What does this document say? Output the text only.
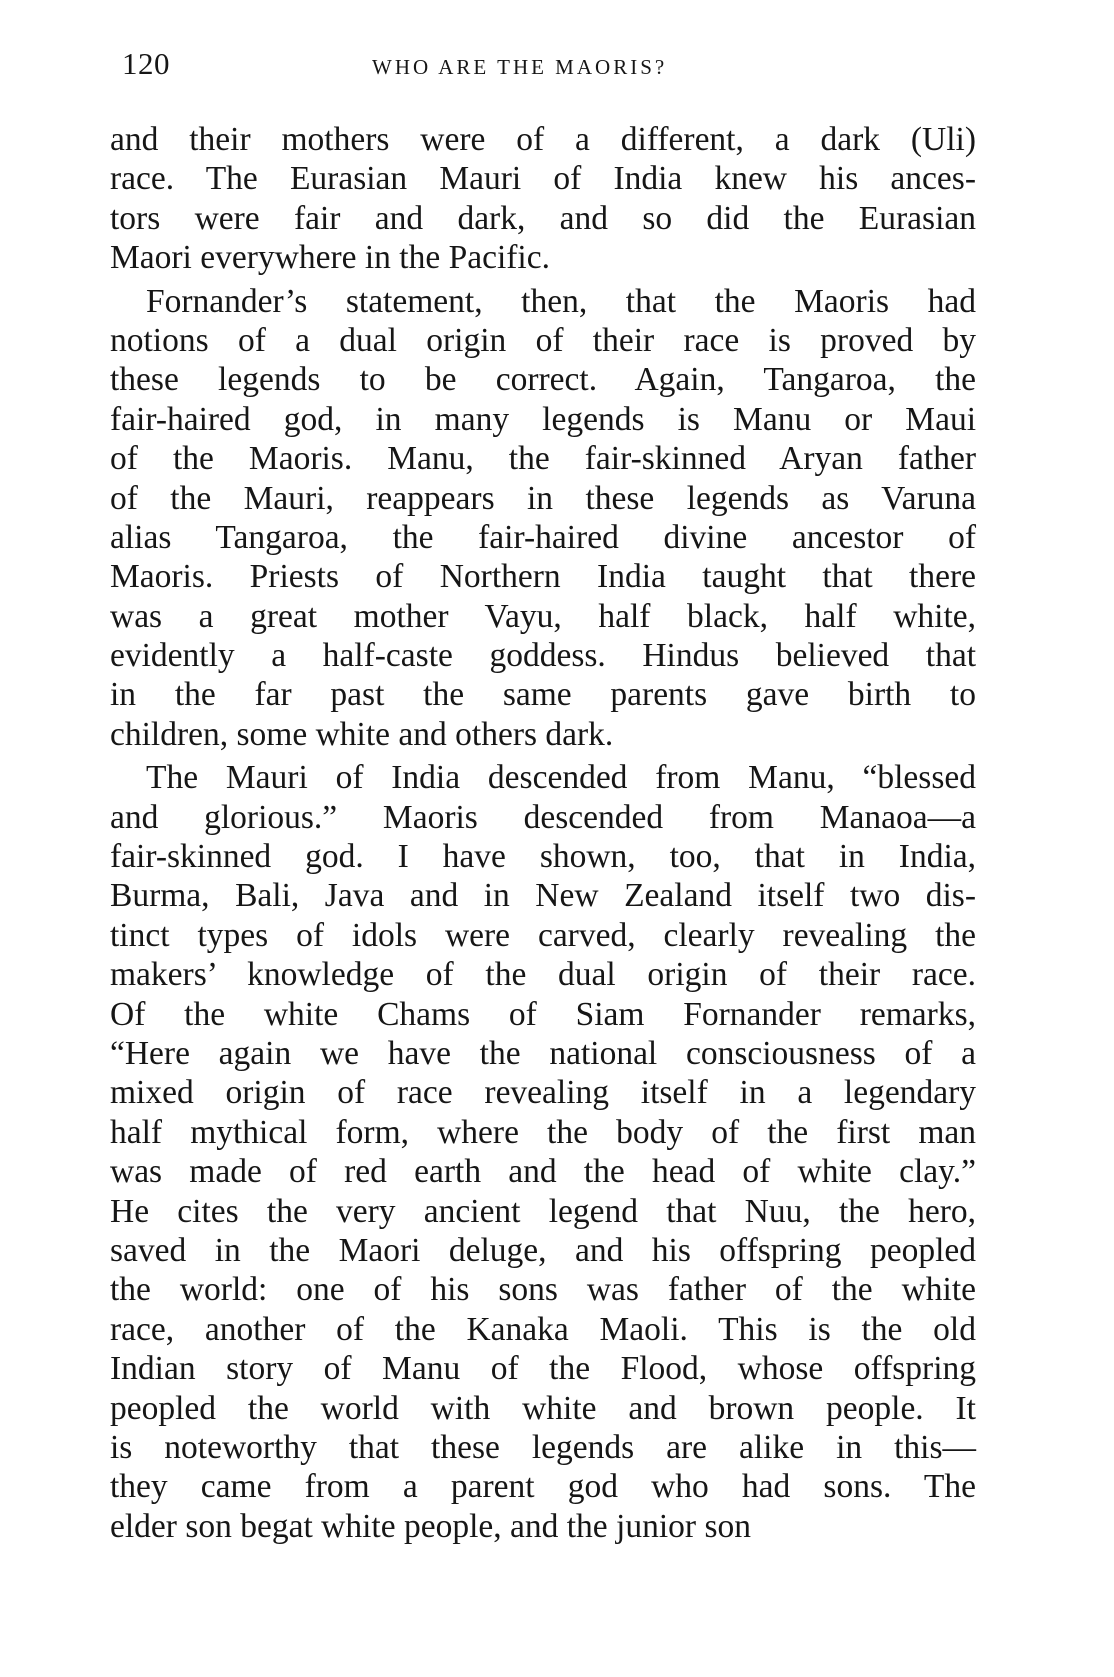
120	WHO ARE THE MAORIS?

and their mothers were of a different, a dark (Uli)
race. The Eurasian Mauri of India knew his ances-
tors were fair and dark, and so did the Eurasian
Maori everywhere in the Pacific.

Fornander’s statement, then, that the Maoris had
notions of a dual origin of their race is proved by
these legends to be correct. Again, Tangaroa, the
fair-haired god, in many legends is Manu or Maui
of the Maoris. Manu, the fair-skinned Aryan father
of the Mauri, reappears in these legends as Varuna
alias Tangaroa, the fair-haired divine ancestor of
Maoris. Priests of Northern India taught that there
was a great mother Vayu, half black, half white,
evidently a half-caste goddess. Hindus believed that
in the far past the same parents gave birth to
children, some white and others dark.

The Mauri of India descended from Manu, “blessed
and glorious.” Maoris descended from Manaoa—a
fair-skinned god. I have shown, too, that in India,
Burma, Bali, Java and in New Zealand itself two dis-
tinct types of idols were carved, clearly revealing the
makers’ knowledge of the dual origin of their race.
Of the white Chams of Siam Fornander remarks,
“Here again we have the national consciousness of a
mixed origin of race revealing itself in a legendary
half mythical form, where the body of the first man
was made of red earth and the head of white clay.”
He cites the very ancient legend that Nuu, the hero,
saved in the Maori deluge, and his offspring peopled
the world: one of his sons was father of the white
race, another of the Kanaka Maoli. This is the old
Indian story of Manu of the Flood, whose offspring
peopled the world with white and brown people. It
is noteworthy that these legends are alike in this—
they came from a parent god who had sons. The
elder son begat white people, and the junior son
